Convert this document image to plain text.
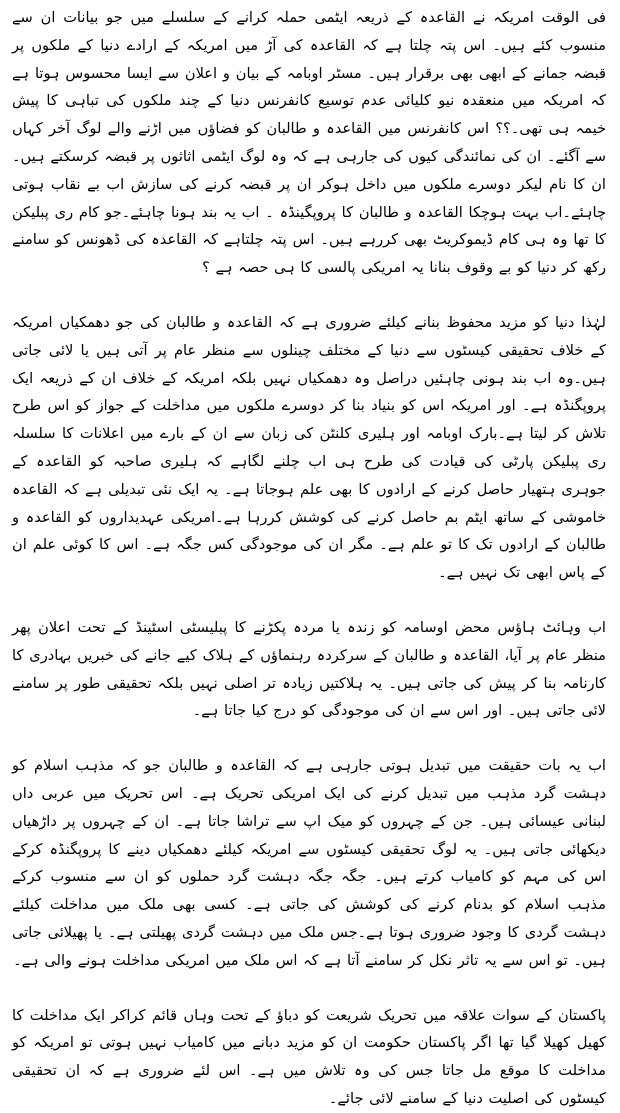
فی الوقت امریکہ نے القاعدہ کے ذریعہ ایٹمی حملہ کرانے کے سلسلے میں جو بیانات ان سے منسوب کئے ہیں۔ اس پتہ چلتا ہے کہ القاعدہ کی آڑ میں امریکہ کے ارادے دنیا کے ملکوں پر قبضہ جمانے کے ابھی بھی برقرار ہیں۔ مسٹر اوبامہ کے بیان و اعلان سے ایسا محسوس ہوتا ہے کہ امریکہ میں منعقدہ نیو کلیائی عدم توسیع کانفرنس دنیا کے چند ملکوں کی تباہی کا پیش خیمہ ہی تھی۔؟؟ اس کانفرنس میں القاعدہ و طالبان کو فضاؤں میں اڑنے والے لوگ آخر کہاں سے آگئے۔ ان کی نمائندگی کیوں کی جارہی ہے کہ وہ لوگ ایٹمی اثاثوں پر قبضہ کرسکتے ہیں۔ ان کا نام لیکر دوسرے ملکوں میں داخل ہوکر ان پر قبضہ کرنے کی سازش اب بے نقاب ہوتی چاہئے۔اب بہت ہوچکا القاعدہ و طالبان کا پروپگینڈہ ۔ اب یہ بند ہونا چاہئے۔جو کام ری پبلیکن کا تھا وہ ہی کام ڈیموکریٹ بھی کررہے ہیں۔ اس پتہ چلتاہے کہ القاعدہ کی ڈھونس کو سامنے رکھ کر دنیا کو بے وقوف بنانا یہ امریکی پالسی کا ہی حصہ ہے ؟

لہٰذا دنیا کو مزید محفوظ بنانے کیلئے ضروری ہے کہ القاعدہ و طالبان کی جو دھمکیاں امریکہ کے خلاف تحقیقی کیسٹوں سے دنیا کے مختلف چینلوں سے منظر عام پر آتی ہیں یا لائی جاتی ہیں۔وہ اب بند ہونی چاہئیں دراصل وہ دھمکیاں نہیں بلکہ امریکہ کے خلاف ان کے ذریعہ ایک پروپگنڈہ ہے۔ اور امریکہ اس کو بنیاد بنا کر دوسرے ملکوں میں مداخلت کے جواز کو اس طرح تلاش کر لیتا ہے۔بارک اوبامہ اور ہلیری کلنٹن کی زبان سے ان کے بارے میں اعلانات کا سلسلہ ری پبلیکن پارٹی کی قیادت کی طرح ہی اب چلنے لگاہے کہ ہلیری صاحبہ کو القاعدہ کے جوہری ہتھیار حاصل کرنے کے ارادوں کا بھی علم ہوجاتا ہے۔ یہ ایک نئی تبدیلی ہے کہ القاعدہ خاموشی کے ساتھ ایٹم بم حاصل کرنے کی کوشش کررہا ہے۔امریکی عہدیداروں کو القاعدہ و طالبان کے ارادوں تک کا تو علم ہے۔ مگر ان کی موجودگی کس جگہ ہے۔ اس کا کوئی علم ان کے پاس ابھی تک نہیں ہے۔

اب وہائٹ ہاؤس محض اوسامہ کو زندہ یا مردہ پکڑنے کا پبلیسٹی اسٹینڈ کے تحت اعلان پھر منظر عام پر آیا، القاعدہ و طالبان کے سرکردہ رہنماؤں کے ہلاک کیے جانے کی خبریں بہادری کا کارنامہ بنا کر پیش کی جاتی ہیں۔ یہ ہلاکتیں زیادہ تر اصلی نہیں بلکہ تحقیقی طور پر سامنے لائی جاتی ہیں۔ اور اس سے ان کی موجودگی کو درج کیا جاتا ہے۔

اب یہ بات حقیقت میں تبدیل ہوتی جارہی ہے کہ القاعدہ و طالبان جو کہ مذہب اسلام کو دہشت گرد مذہب میں تبدیل کرنے کی ایک امریکی تحریک ہے۔ اس تحریک میں عربی داں لبنانی عیسائی ہیں۔ جن کے چہروں کو میک اپ سے تراشا جاتا ہے۔ ان کے چہروں پر داڑھیاں دیکھائی جاتی ہیں۔ یہ لوگ تحقیقی کیسٹوں سے امریکہ کیلئے دھمکیاں دینے کا پروپگنڈہ کرکے اس کی مہم کو کامیاب کرتے ہیں۔ جگہ جگہ دہشت گرد حملوں کو ان سے منسوب کرکے مذہب اسلام کو بدنام کرنے کی کوشش کی جاتی ہے۔ کسی بھی ملک میں مداخلت کیلئے دہشت گردی کا وجود ضروری ہوتا ہے۔جس ملک میں دہشت گردی پھیلتی ہے۔ یا پھیلائی جاتی ہیں۔ تو اس سے یہ تاثر نکل کر سامنے آتا ہے کہ اس ملک میں امریکی مداخلت ہونے والی ہے۔

پاکستان کے سوات علاقہ میں تحریک شریعت کو دباؤ کے تحت وہاں قائم کراکر ایک مداخلت کا کھیل کھیلا گیا تھا اگر پاکستان حکومت ان کو مزید دبانے میں کامیاب نہیں ہوتی تو امریکہ کو مداخلت کا موقع مل جاتا جس کی وہ تلاش میں ہے۔ اس لئے ضروری ہے کہ ان تحقیقی کیسٹوں کی اصلیت دنیا کے سامنے لائی جائے۔
